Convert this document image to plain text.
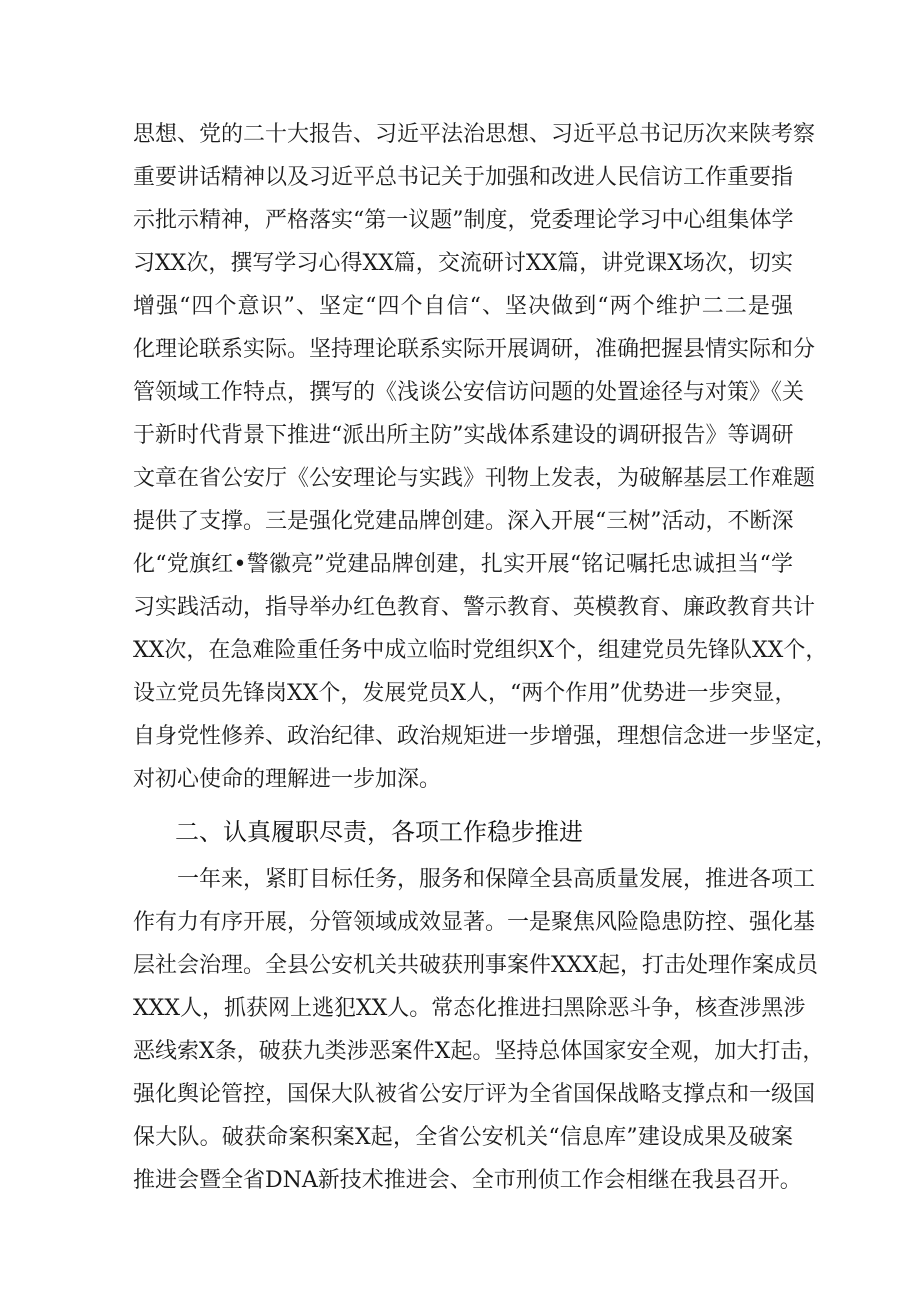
思想、党的二十大报告、习近平法治思想、习近平总书记历次来陕考察
重要讲话精神以及习近平总书记关于加强和改进人民信访工作重要指
示批示精神，严格落实“第一议题”制度，党委理论学习中心组集体学
习XX次，撰写学习心得XX篇，交流研讨XX篇，讲党课X场次，切实
增强“四个意识”、坚定“四个自信“、坚决做到“两个维护二二是强
化理论联系实际。坚持理论联系实际开展调研，准确把握县情实际和分
管领域工作特点，撰写的《浅谈公安信访问题的处置途径与对策》《关
于新时代背景下推进“派出所主防”实战体系建设的调研报告》等调研
文章在省公安厅《公安理论与实践》刊物上发表，为破解基层工作难题
提供了支撑。三是强化党建品牌创建。深入开展“三树”活动，不断深
化“党旗红•警徽亮”党建品牌创建，扎实开展“铭记嘱托忠诚担当“学
习实践活动，指导举办红色教育、警示教育、英模教育、廉政教育共计
XX次，在急难险重任务中成立临时党组织X个，组建党员先锋队XX个，
设立党员先锋岗XX个，发展党员X人，“两个作用”优势进一步突显，
自身党性修养、政治纪律、政治规矩进一步增强，理想信念进一步坚定，
对初心使命的理解进一步加深。
二、认真履职尽责，各项工作稳步推进
一年来，紧盯目标任务，服务和保障全县高质量发展，推进各项工
作有力有序开展，分管领域成效显著。一是聚焦风险隐患防控、强化基
层社会治理。全县公安机关共破获刑事案件XXX起，打击处理作案成员
XXX人，抓获网上逃犯XX人。常态化推进扫黑除恶斗争，核查涉黑涉
恶线索X条，破获九类涉恶案件X起。坚持总体国家安全观，加大打击，
强化舆论管控，国保大队被省公安厅评为全省国保战略支撑点和一级国
保大队。破获命案积案X起，全省公安机关“信息库”建设成果及破案
推进会暨全省DNA新技术推进会、全市刑侦工作会相继在我县召开。
